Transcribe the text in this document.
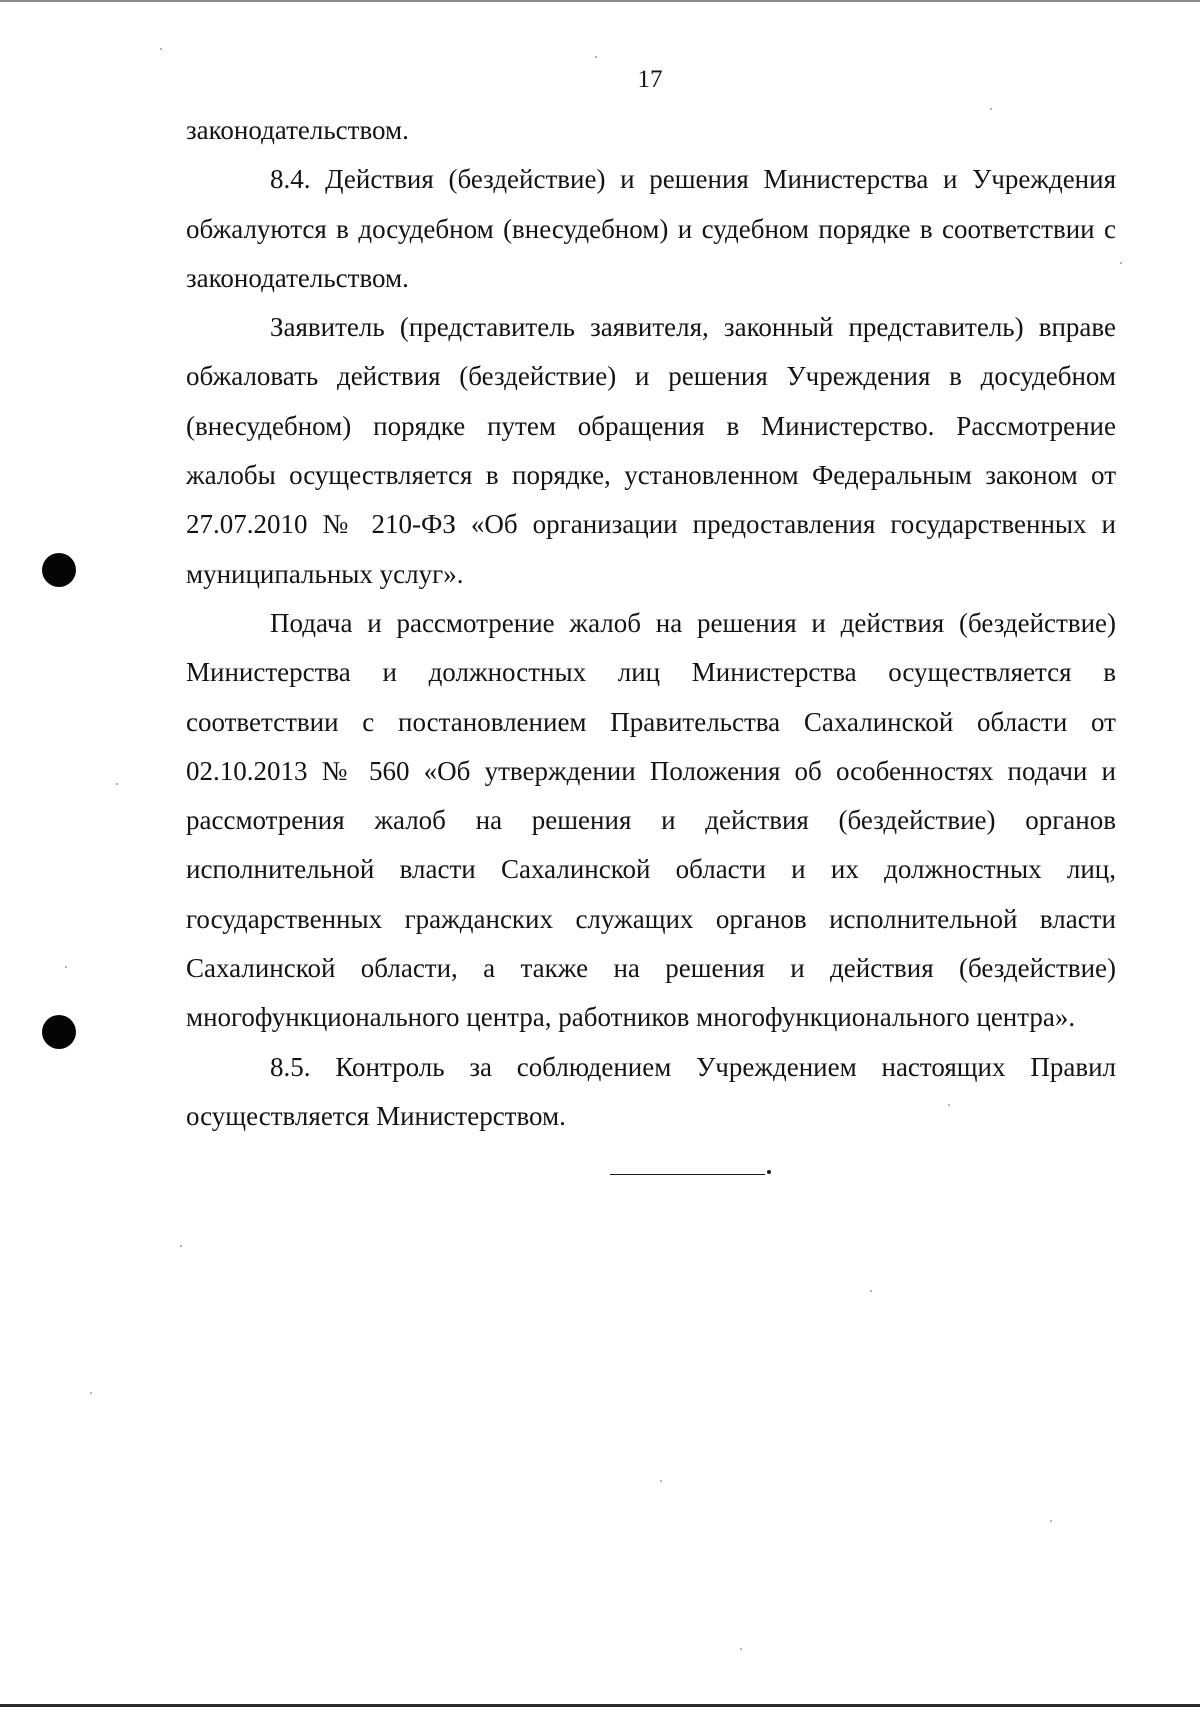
17

законодательством.

8.4. Действия (бездействие) и решения Министерства и Учреждения обжалуются в досудебном (внесудебном) и судебном порядке в соответствии с законодательством.

Заявитель (представитель заявителя, законный представитель) вправе обжаловать действия (бездействие) и решения Учреждения в досудебном (внесудебном) порядке путем обращения в Министерство. Рассмотрение жалобы осуществляется в порядке, установленном Федеральным законом от 27.07.2010 № 210-ФЗ «Об организации предоставления государственных и муниципальных услуг».

Подача и рассмотрение жалоб на решения и действия (бездействие) Министерства и должностных лиц Министерства осуществляется в соответствии с постановлением Правительства Сахалинской области от 02.10.2013 № 560 «Об утверждении Положения об особенностях подачи и рассмотрения жалоб на решения и действия (бездействие) органов исполнительной власти Сахалинской области и их должностных лиц, государственных гражданских служащих органов исполнительной власти Сахалинской области, а также на решения и действия (бездействие) многофункционального центра, работников многофункционального центра».

8.5. Контроль за соблюдением Учреждением настоящих Правил осуществляется Министерством.
